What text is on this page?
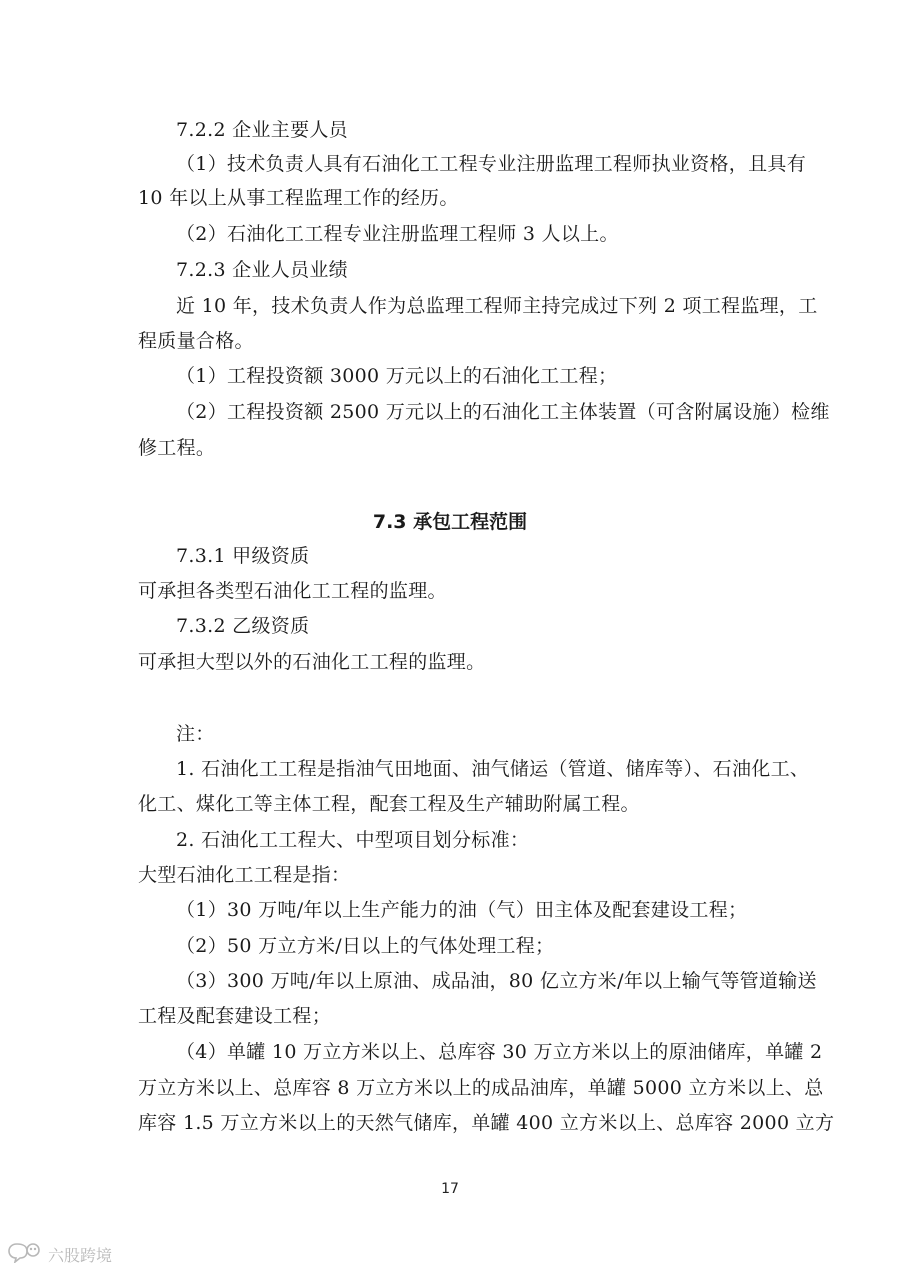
7.2.2 企业主要人员
（1）技术负责人具有石油化工工程专业注册监理工程师执业资格，且具有
10 年以上从事工程监理工作的经历。
（2）石油化工工程专业注册监理工程师 3 人以上。
7.2.3 企业人员业绩
近 10 年，技术负责人作为总监理工程师主持完成过下列 2 项工程监理，工
程质量合格。
（1）工程投资额 3000 万元以上的石油化工工程；
（2）工程投资额 2500 万元以上的石油化工主体装置（可含附属设施）检维
修工程。
7.3 承包工程范围
7.3.1 甲级资质
可承担各类型石油化工工程的监理。
7.3.2 乙级资质
可承担大型以外的石油化工工程的监理。
注：
1. 石油化工工程是指油气田地面、油气储运（管道、储库等）、石油化工、
化工、煤化工等主体工程，配套工程及生产辅助附属工程。
2. 石油化工工程大、中型项目划分标准：
大型石油化工工程是指：
（1）30 万吨/年以上生产能力的油（气）田主体及配套建设工程；
（2）50 万立方米/日以上的气体处理工程；
（3）300 万吨/年以上原油、成品油，80 亿立方米/年以上输气等管道输送
工程及配套建设工程；
（4）单罐 10 万立方米以上、总库容 30 万立方米以上的原油储库，单罐 2
万立方米以上、总库容 8 万立方米以上的成品油库，单罐 5000 立方米以上、总
库容 1.5 万立方米以上的天然气储库，单罐 400 立方米以上、总库容 2000 立方
17
六股跨境
